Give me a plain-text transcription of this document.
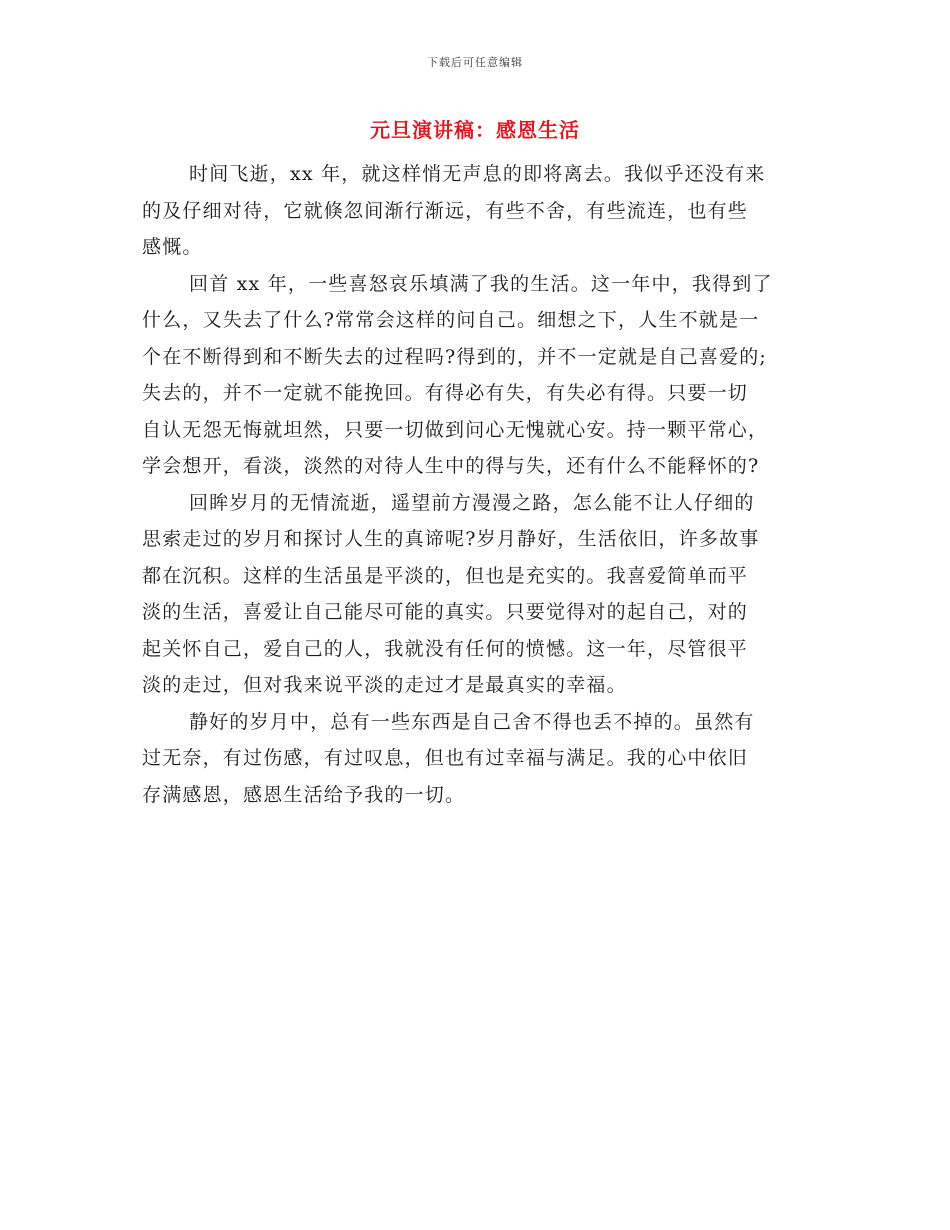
下载后可任意编辑
元旦演讲稿：感恩生活
时间飞逝，xx 年，就这样悄无声息的即将离去。我似乎还没有来
的及仔细对待，它就倏忽间渐行渐远，有些不舍，有些流连，也有些
感慨。
回首 xx 年，一些喜怒哀乐填满了我的生活。这一年中，我得到了
什么，又失去了什么?常常会这样的问自己。细想之下，人生不就是一
个在不断得到和不断失去的过程吗?得到的，并不一定就是自己喜爱的;
失去的，并不一定就不能挽回。有得必有失，有失必有得。只要一切
自认无怨无悔就坦然，只要一切做到问心无愧就心安。持一颗平常心，
学会想开，看淡，淡然的对待人生中的得与失，还有什么不能释怀的?
回眸岁月的无情流逝，遥望前方漫漫之路，怎么能不让人仔细的
思索走过的岁月和探讨人生的真谛呢?岁月静好，生活依旧，许多故事
都在沉积。这样的生活虽是平淡的，但也是充实的。我喜爱简单而平
淡的生活，喜爱让自己能尽可能的真实。只要觉得对的起自己，对的
起关怀自己，爱自己的人，我就没有任何的愤憾。这一年，尽管很平
淡的走过，但对我来说平淡的走过才是最真实的幸福。
静好的岁月中，总有一些东西是自己舍不得也丢不掉的。虽然有
过无奈，有过伤感，有过叹息，但也有过幸福与满足。我的心中依旧
存满感恩，感恩生活给予我的一切。
